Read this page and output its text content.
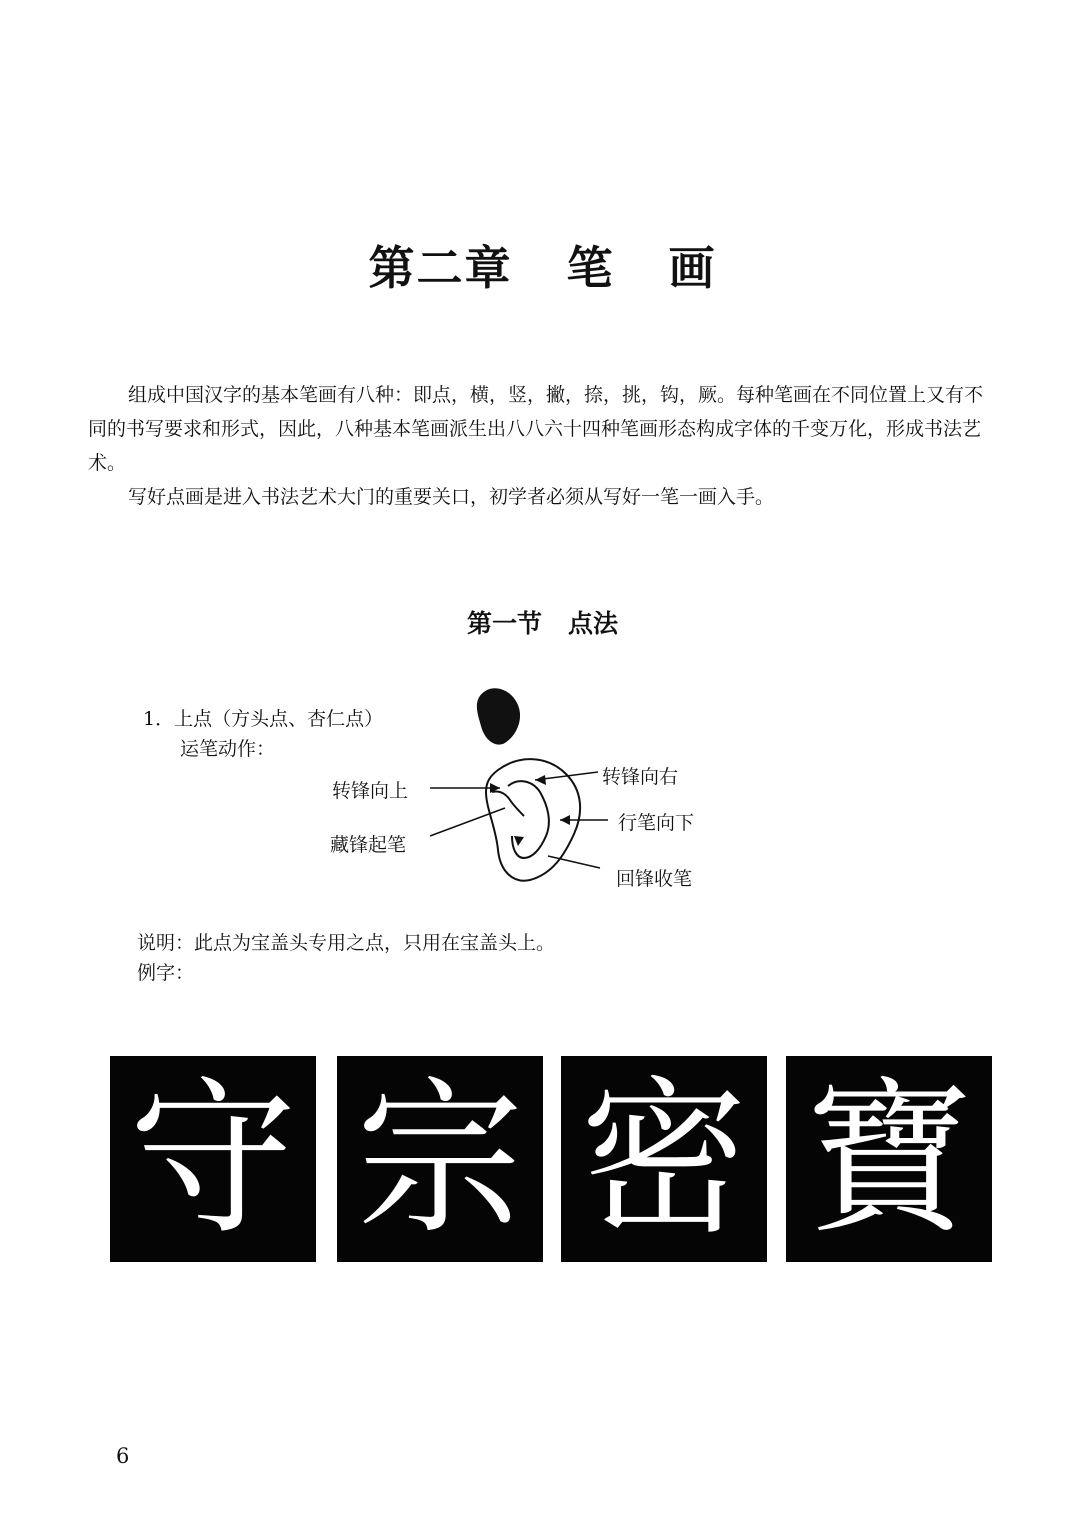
第二章   笔   画

组成中国汉字的基本笔画有八种：即点，横，竖，撇，捺，挑，钩，厥。每种笔画在不同位置上又有不同的书写要求和形式，因此，八种基本笔画派生出八八六十四种笔画形态构成字体的千变万化，形成书法艺术。

写好点画是进入书法艺术大门的重要关口，初学者必须从写好一笔一画入手。

第一节   点法
1．上点（方头点、杏仁点）
运笔动作：
转锋向上
藏锋起笔
转锋向右
行笔向下
回锋收笔
说明：此点为宝盖头专用之点，只用在宝盖头上。
例字：
守 宗 密 寶
6
